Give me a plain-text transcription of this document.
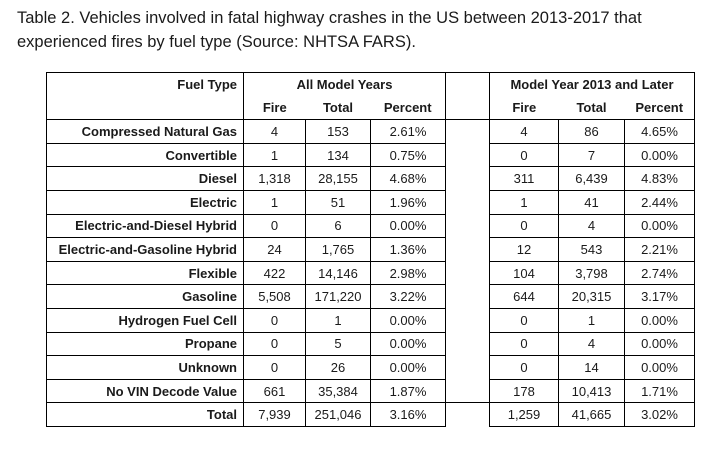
Table 2. Vehicles involved in fatal highway crashes in the US between 2013-2017 that
experienced fires by fuel type (Source: NHTSA FARS).
Fuel Type	All Model Years				Model Year 2013 and Later		
	Fire	Total	Percent		Fire	Total	Percent
Compressed Natural Gas	4	153	2.61%		4	86	4.65%
Convertible	1	134	0.75%		0	7	0.00%
Diesel	1,318	28,155	4.68%		311	6,439	4.83%
Electric	1	51	1.96%		1	41	2.44%
Electric-and-Diesel Hybrid	0	6	0.00%		0	4	0.00%
Electric-and-Gasoline Hybrid	24	1,765	1.36%		12	543	2.21%
Flexible	422	14,146	2.98%		104	3,798	2.74%
Gasoline	5,508	171,220	3.22%		644	20,315	3.17%
Hydrogen Fuel Cell	0	1	0.00%		0	1	0.00%
Propane	0	5	0.00%		0	4	0.00%
Unknown	0	26	0.00%		0	14	0.00%
No VIN Decode Value	661	35,384	1.87%		178	10,413	1.71%
Total	7,939	251,046	3.16%		1,259	41,665	3.02%
